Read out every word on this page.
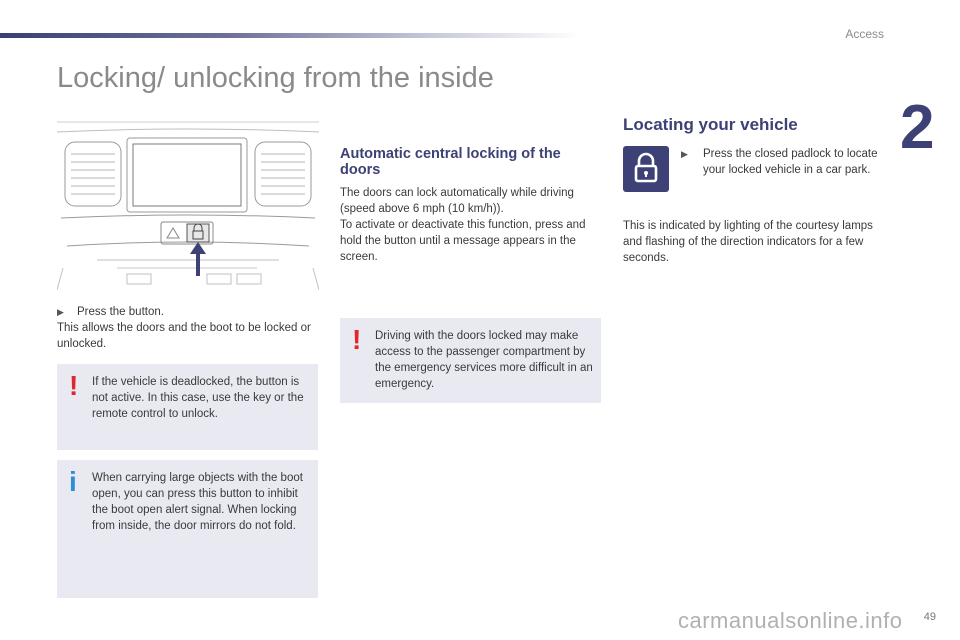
Access
2
Locking/ unlocking from the inside
▶ Press the button.
This allows the doors and the boot to be locked or unlocked.
! If the vehicle is deadlocked, the button is not active. In this case, use the key or the remote control to unlock.
i When carrying large objects with the boot open, you can press this button to inhibit the boot open alert signal. When locking from inside, the door mirrors do not fold.
Automatic central locking of the doors
The doors can lock automatically while driving (speed above 6 mph (10 km/h)).
To activate or deactivate this function, press and hold the button until a message appears in the screen.
! Driving with the doors locked may make access to the passenger compartment by the emergency services more difficult in an emergency.
Locating your vehicle
▶	Press the closed padlock to locate your locked vehicle in a car park.
This is indicated by lighting of the courtesy lamps and flashing of the direction indicators for a few seconds.
carmanualsonline.info 49
